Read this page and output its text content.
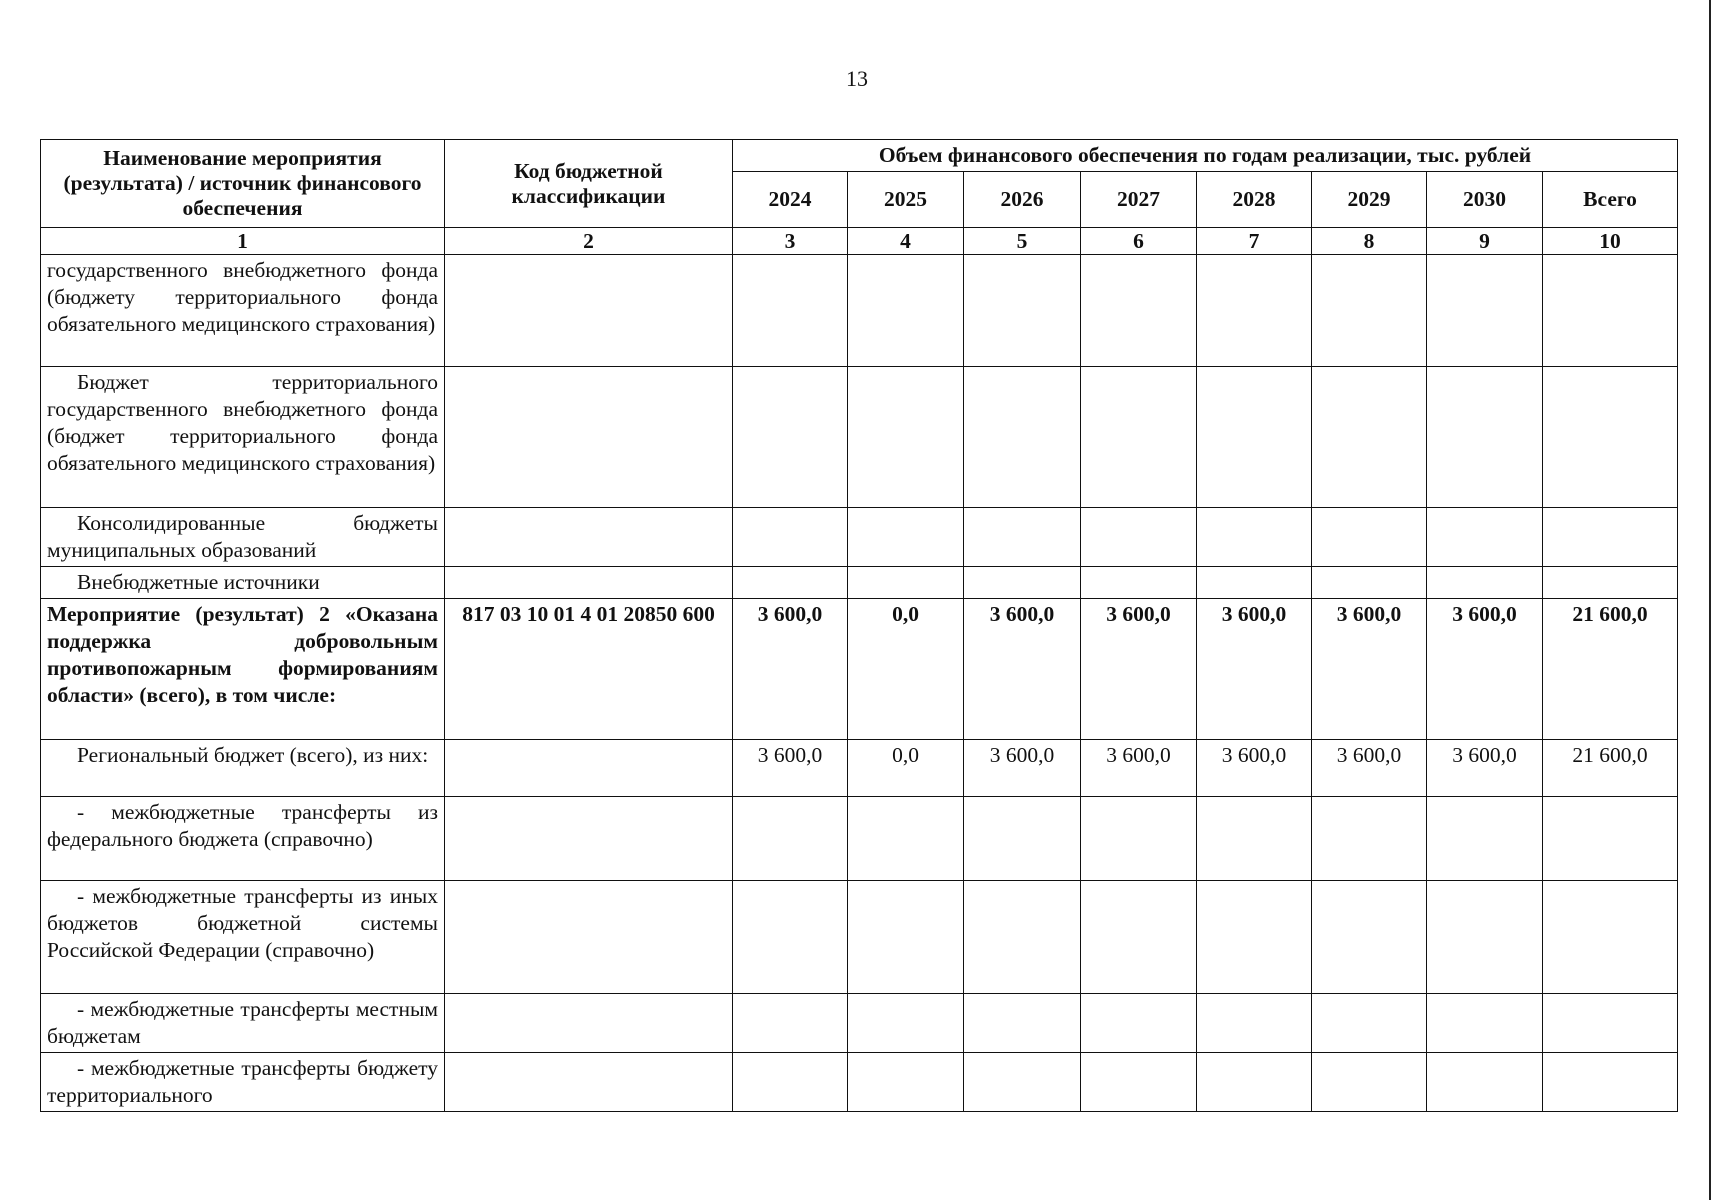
13
Наименование мероприятия (результата) / источник финансового обеспечения	Код бюджетной классификации	Объем финансового обеспечения по годам реализации, тыс. рублей							
		2024	2025	2026	2027	2028	2029	2030	Всего
1	2	3	4	5	6	7	8	9	10
государственного внебюджетного фонда (бюджету территориального фонда обязательного медицинского страхования)									
Бюджет территориального государственного внебюджетного фонда (бюджет территориального фонда обязательного медицинского страхования)									
Консолидированные бюджеты муниципальных образований									
Внебюджетные источники									
Мероприятие (результат) 2 «Оказана поддержка добровольным противопожарным формированиям области» (всего), в том числе:	817 03 10 01 4 01 20850 600	3 600,0	0,0	3 600,0	3 600,0	3 600,0	3 600,0	3 600,0	21 600,0
Региональный бюджет (всего), из них:		3 600,0	0,0	3 600,0	3 600,0	3 600,0	3 600,0	3 600,0	21 600,0
- межбюджетные трансферты из федерального бюджета (справочно)									
- межбюджетные трансферты из иных бюджетов бюджетной системы Российской Федерации (справочно)									
- межбюджетные трансферты местным бюджетам									
- межбюджетные трансферты бюджету территориального									
